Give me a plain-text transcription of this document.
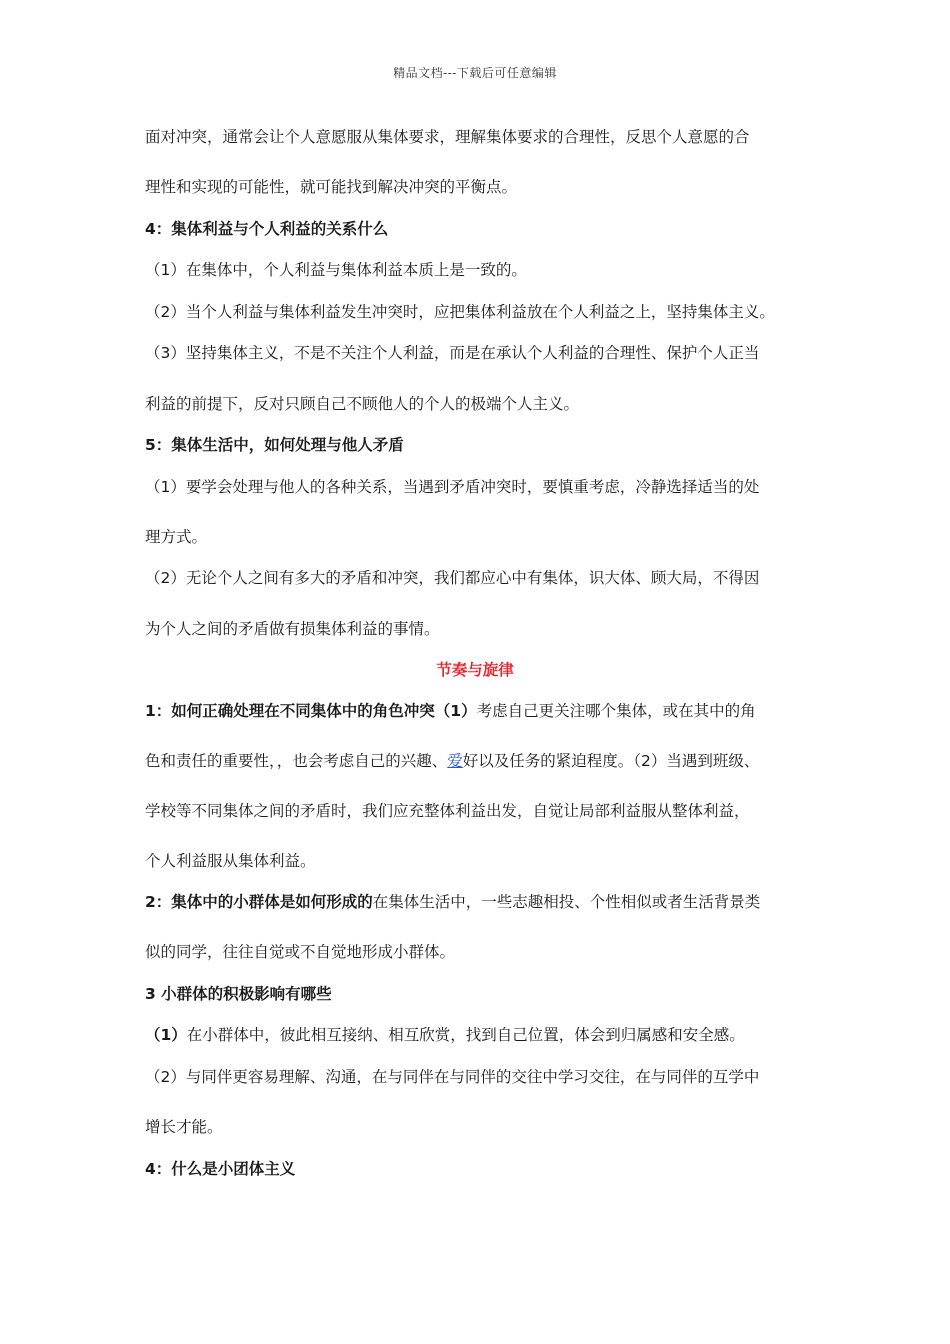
精品文档---下载后可任意编辑
面对冲突，通常会让个人意愿服从集体要求，理解集体要求的合理性，反思个人意愿的合
理性和实现的可能性，就可能找到解决冲突的平衡点。
4：集体利益与个人利益的关系什么
（1）在集体中，个人利益与集体利益本质上是一致的。
（2）当个人利益与集体利益发生冲突时，应把集体利益放在个人利益之上，坚持集体主义。
（3）坚持集体主义，不是不关注个人利益，而是在承认个人利益的合理性、保护个人正当
利益的前提下，反对只顾自己不顾他人的个人的极端个人主义。
5：集体生活中，如何处理与他人矛盾
（1）要学会处理与他人的各种关系，当遇到矛盾冲突时，要慎重考虑，冷静选择适当的处
理方式。
（2）无论个人之间有多大的矛盾和冲突，我们都应心中有集体，识大体、顾大局，不得因
为个人之间的矛盾做有损集体利益的事情。
节奏与旋律
1：如何正确处理在不同集体中的角色冲突（1）考虑自己更关注哪个集体，或在其中的角
色和责任的重要性，，也会考虑自己的兴趣、爱好以及任务的紧迫程度。（2）当遇到班级、
学校等不同集体之间的矛盾时，我们应充整体利益出发，自觉让局部利益服从整体利益，
个人利益服从集体利益。
2：集体中的小群体是如何形成的在集体生活中，一些志趣相投、个性相似或者生活背景类
似的同学，往往自觉或不自觉地形成小群体。
3 小群体的积极影响有哪些
（1）在小群体中，彼此相互接纳、相互欣赏，找到自己位置，体会到归属感和安全感。
（2）与同伴更容易理解、沟通，在与同伴在与同伴的交往中学习交往，在与同伴的互学中
增长才能。
4：什么是小团体主义
